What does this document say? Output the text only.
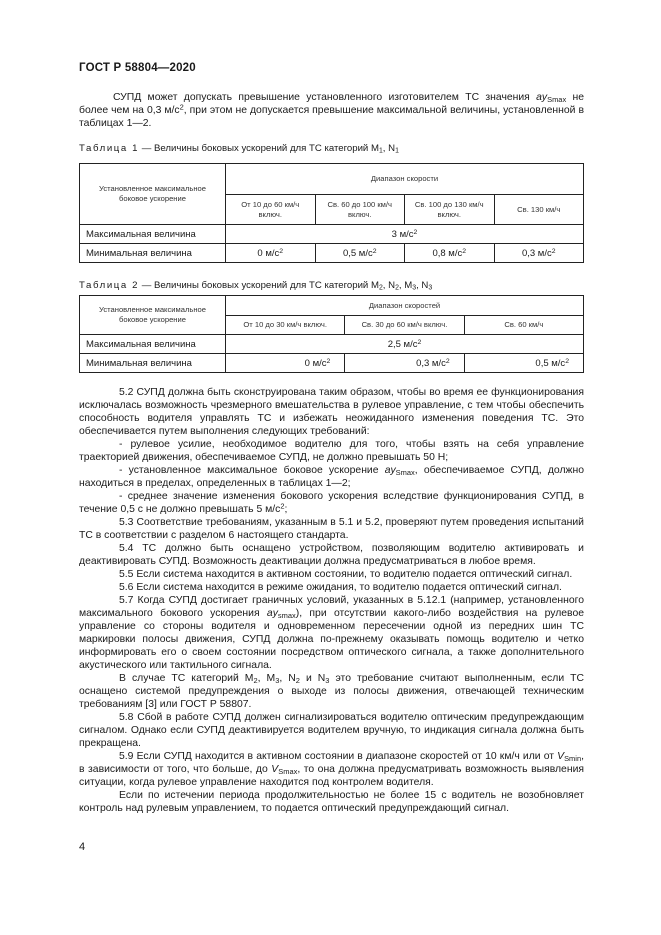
ГОСТ Р 58804—2020

СУПД может допускать превышение установленного изготовителем ТС значения $ay_{Smax}$ не более чем на 0,3 $м/с^2$, при этом не допускается превышение максимальной величины, установленной в таблицах 1—2.

Таблица 1 — Величины боковых ускорений для ТС категорий $M_1$, $N_1$
Установленное максимальное боковое ускорение	Диапазон скорости			
	От 10 до 60 км/ч включ.	Св. 60 до 100 км/ч включ.	Св. 100 до 130 км/ч включ.	Св. 130 км/ч
Максимальная величина	3 $м/с^2$
Минимальная величина	0 $м/с^2$	0,5 $м/с^2$	0,8 $м/с^2$	0,3 $м/с^2$
Таблица 2 — Величины боковых ускорений для ТС категорий $M_2$, $N_2$, $M_3$, $N_3$
Установленное максимальное боковое ускорение	Диапазон скоростей		
	От 10 до 30 км/ч включ.	Св. 30 до 60 км/ч включ.	Св. 60 км/ч
Максимальная величина	2,5 $м/с^2$
Минимальная величина	0 $м/с^2$	0,3 $м/с^2$	0,5 $м/с^2$

5.2 СУПД должна быть сконструирована таким образом, чтобы во время ее функционирования исключалась возможность чрезмерного вмешательства в рулевое управление, с тем чтобы обеспечить способность водителя управлять ТС и избежать неожиданного изменения поведения ТС. Это обеспечивается путем выполнения следующих требований:

- рулевое усилие, необходимое водителю для того, чтобы взять на себя управление траекторией движения, обеспечиваемое СУПД, не должно превышать 50 Н;

- установленное максимальное боковое ускорение $ay_{Smax}$, обеспечиваемое СУПД, должно находиться в пределах, определенных в таблицах 1—2;

- среднее значение изменения бокового ускорения вследствие функционирования СУПД, в течение 0,5 с не должно превышать 5 $м/с^2$;

5.3 Соответствие требованиям, указанным в 5.1 и 5.2, проверяют путем проведения испытаний ТС в соответствии с разделом 6 настоящего стандарта.

5.4 ТС должно быть оснащено устройством, позволяющим водителю активировать и деактивировать СУПД. Возможность деактивации должна предусматриваться в любое время.

5.5 Если система находится в активном состоянии, то водителю подается оптический сигнал.

5.6 Если система находится в режиме ожидания, то водителю подается оптический сигнал.

5.7 Когда СУПД достигает граничных условий, указанных в 5.12.1 (например, установленного максимального бокового ускорения $ay_{smax}$), при отсутствии какого-либо воздействия на рулевое управление со стороны водителя и одновременном пересечении одной из передних шин ТС маркировки полосы движения, СУПД должна по-прежнему оказывать помощь водителю и четко информировать его о своем состоянии посредством оптического сигнала, а также дополнительного акустического или тактильного сигнала.

В случае ТС категорий $M_2$, $M_3$, $N_2$ и $N_3$ это требование считают выполненным, если ТС оснащено системой предупреждения о выходе из полосы движения, отвечающей техническим требованиям [3] или ГОСТ Р 58807.

5.8 Сбой в работе СУПД должен сигнализироваться водителю оптическим предупреждающим сигналом. Однако если СУПД деактивируется водителем вручную, то индикация сигнала должна быть прекращена.

5.9 Если СУПД находится в активном состоянии в диапазоне скоростей от 10 км/ч или от $V_{Smin}$, в зависимости от того, что больше, до $V_{Smax}$, то она должна предусматривать возможность выявления ситуации, когда рулевое управление находится под контролем водителя.

Если по истечении периода продолжительностью не более 15 с водитель не возобновляет контроль над рулевым управлением, то подается оптический предупреждающий сигнал.

4
